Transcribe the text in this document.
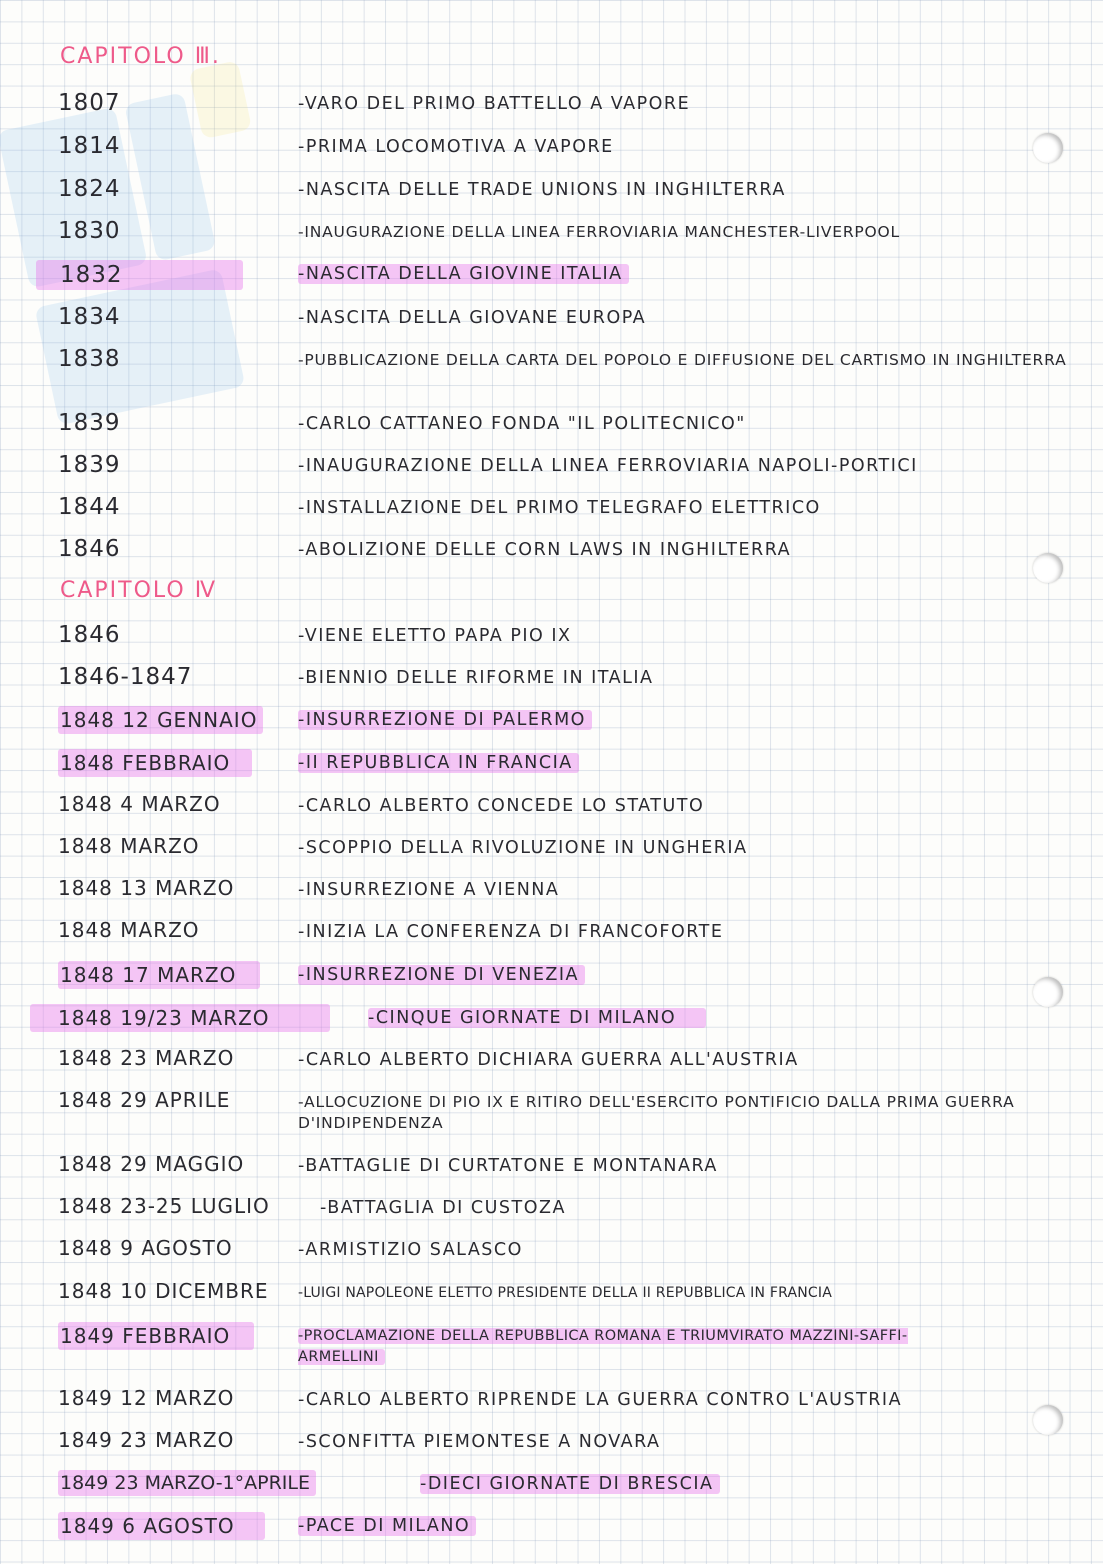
CAPITOLO Ⅲ.
1807	-VARO DEL PRIMO BATTELLO A VAPORE
1814	-PRIMA LOCOMOTIVA A VAPORE
1824	-NASCITA DELLE TRADE UNIONS IN INGHILTERRA
1830	-INAUGURAZIONE DELLA LINEA FERROVIARIA MANCHESTER-LIVERPOOL
1832	-NASCITA DELLA GIOVINE ITALIA
1834	-NASCITA DELLA GIOVANE EUROPA
1838	-PUBBLICAZIONE DELLA CARTA DEL POPOLO E DIFFUSIONE DEL CARTISMO IN INGHILTERRA
1839	-CARLO CATTANEO FONDA "IL POLITECNICO"
1839	-INAUGURAZIONE DELLA LINEA FERROVIARIA NAPOLI-PORTICI
1844	-INSTALLAZIONE DEL PRIMO TELEGRAFO ELETTRICO
1846	-ABOLIZIONE DELLE CORN LAWS IN INGHILTERRA
CAPITOLO Ⅳ
1846	-VIENE ELETTO PAPA PIO IX
1846-1847	-BIENNIO DELLE RIFORME IN ITALIA
1848 12 GENNAIO	-INSURREZIONE DI PALERMO
1848 FEBBRAIO	-II REPUBBLICA IN FRANCIA
1848 4 MARZO	-CARLO ALBERTO CONCEDE LO STATUTO
1848 MARZO	-SCOPPIO DELLA RIVOLUZIONE IN UNGHERIA
1848 13 MARZO	-INSURREZIONE A VIENNA
1848 MARZO	-INIZIA LA CONFERENZA DI FRANCOFORTE
1848 17 MARZO	-INSURREZIONE DI VENEZIA
1848 19/23 MARZO	-CINQUE GIORNATE DI MILANO
1848 23 MARZO	-CARLO ALBERTO DICHIARA GUERRA ALL'AUSTRIA
1848 29 APRILE	-ALLOCUZIONE DI PIO IX E RITIRO DELL'ESERCITO PONTIFICIO DALLA PRIMA GUERRA D'INDIPENDENZA
1848 29 MAGGIO	-BATTAGLIE DI CURTATONE E MONTANARA
1848 23-25 LUGLIO	-BATTAGLIA DI CUSTOZA
1848 9 AGOSTO	-ARMISTIZIO SALASCO
1848 10 DICEMBRE -LUIGI NAPOLEONE ELETTO PRESIDENTE DELLA II REPUBBLICA IN FRANCIA
1849 FEBBRAIO	-PROCLAMAZIONE DELLA REPUBBLICA ROMANA E TRIUMVIRATO MAZZINI-SAFFI-ARMELLINI
1849 12 MARZO	-CARLO ALBERTO RIPRENDE LA GUERRA CONTRO L'AUSTRIA
1849 23 MARZO	-SCONFITTA PIEMONTESE A NOVARA
1849 23 MARZO-1°APRILE	-DIECI GIORNATE DI BRESCIA
1849 6 AGOSTO	-PACE DI MILANO
